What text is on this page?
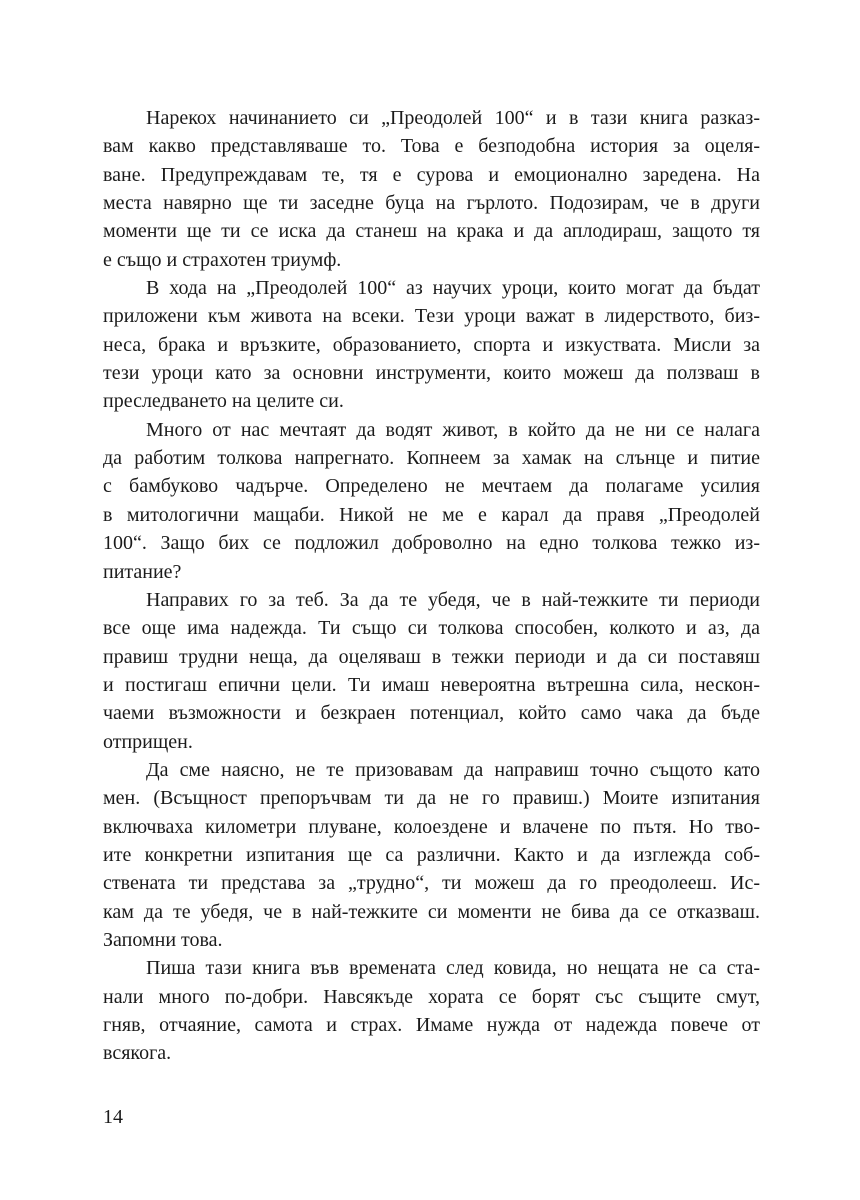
Нарекох начинанието си „Преодолей 100“ и в тази книга разказ-
вам какво представляваше то. Това е безподобна история за оцеля-
ване. Предупреждавам те, тя е сурова и емоционално заредена. На
места навярно ще ти заседне буца на гърлото. Подозирам, че в други
моменти ще ти се иска да станеш на крака и да аплодираш, защото тя
е също и страхотен триумф.

В хода на „Преодолей 100“ аз научих уроци, които могат да бъдат
приложени към живота на всеки. Тези уроци важат в лидерството, биз-
неса, брака и връзките, образованието, спорта и изкуствата. Мисли за
тези уроци като за основни инструменти, които можеш да ползваш в
преследването на целите си.

Много от нас мечтаят да водят живот, в който да не ни се налага
да работим толкова напрегнато. Копнеем за хамак на слънце и питие
с бамбуково чадърче. Определено не мечтаем да полагаме усилия
в митологични мащаби. Никой не ме е карал да правя „Преодолей
100“. Защо бих се подложил доброволно на едно толкова тежко из-
питание?

Направих го за теб. За да те убедя, че в най-тежките ти периоди
все още има надежда. Ти също си толкова способен, колкото и аз, да
правиш трудни неща, да оцеляваш в тежки периоди и да си поставяш
и постигаш епични цели. Ти имаш невероятна вътрешна сила, нескон-
чаеми възможности и безкраен потенциал, който само чака да бъде
отприщен.

Да сме наясно, не те призовавам да направиш точно същото като
мен. (Всъщност препоръчвам ти да не го правиш.) Моите изпитания
включваха километри плуване, колоездене и влачене по пътя. Но тво-
ите конкретни изпитания ще са различни. Както и да изглежда соб-
ствената ти представа за „трудно“, ти можеш да го преодолееш. Ис-
кам да те убедя, че в най-тежките си моменти не бива да се отказваш.
Запомни това.

Пиша тази книга във времената след ковида, но нещата не са ста-
нали много по-добри. Навсякъде хората се борят със същите смут,
гняв, отчаяние, самота и страх. Имаме нужда от надежда повече от
всякога.

14
